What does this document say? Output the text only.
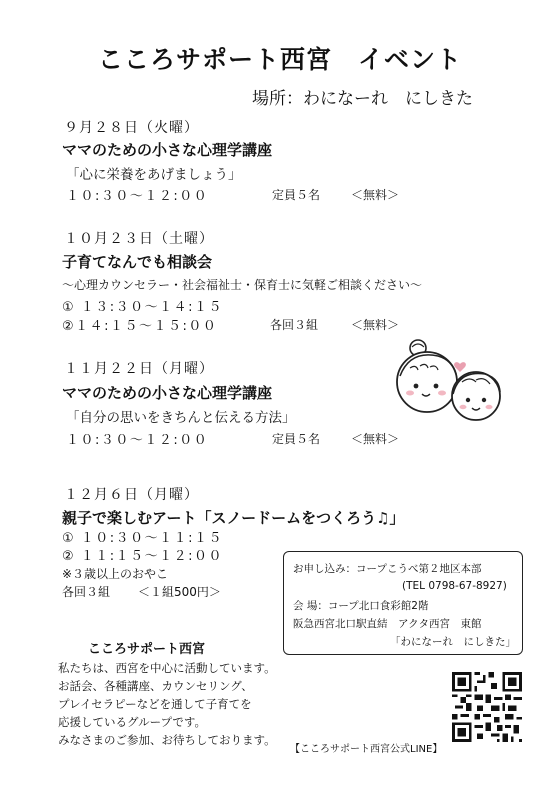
こころサポート西宮　イベント
場所：わになーれ　にしきた
９月２８日（火曜）
ママのための小さな心理学講座
「心に栄養をあげましょう」
１０:３０～１２:００	定員５名	＜無料＞
１０月２３日（土曜）
子育てなんでも相談会
～心理カウンセラー・社会福祉士・保育士に気軽ご相談ください～
① １３:３０～１４:１５
②１４:１５～１５:００	各回３組	＜無料＞
１１月２２日（月曜）
ママのための小さな心理学講座
「自分の思いをきちんと伝える方法」
１０:３０～１２:００	定員５名	＜無料＞
１２月６日（月曜）
親子で楽しむアート「スノードームをつくろう♫」
① １０:３０～１１:１５
② １１:１５～１２:００
※３歳以上のおやこ
各回３組 ＜１組500円＞
お申し込み：コープこうべ第２地区本部
(TEL 0798-67-8927)
会 場：コープ北口食彩館2階
阪急西宮北口駅直結　アクタ西宮　東館
「わになーれ　にしきた」
こころサポート西宮
私たちは、西宮を中心に活動しています。
お話会、各種講座、カウンセリング、
プレイセラピーなどを通して子育てを
応援しているグループです。
みなさまのご参加、お待ちしております。
【こころサポート西宮公式LINE】
